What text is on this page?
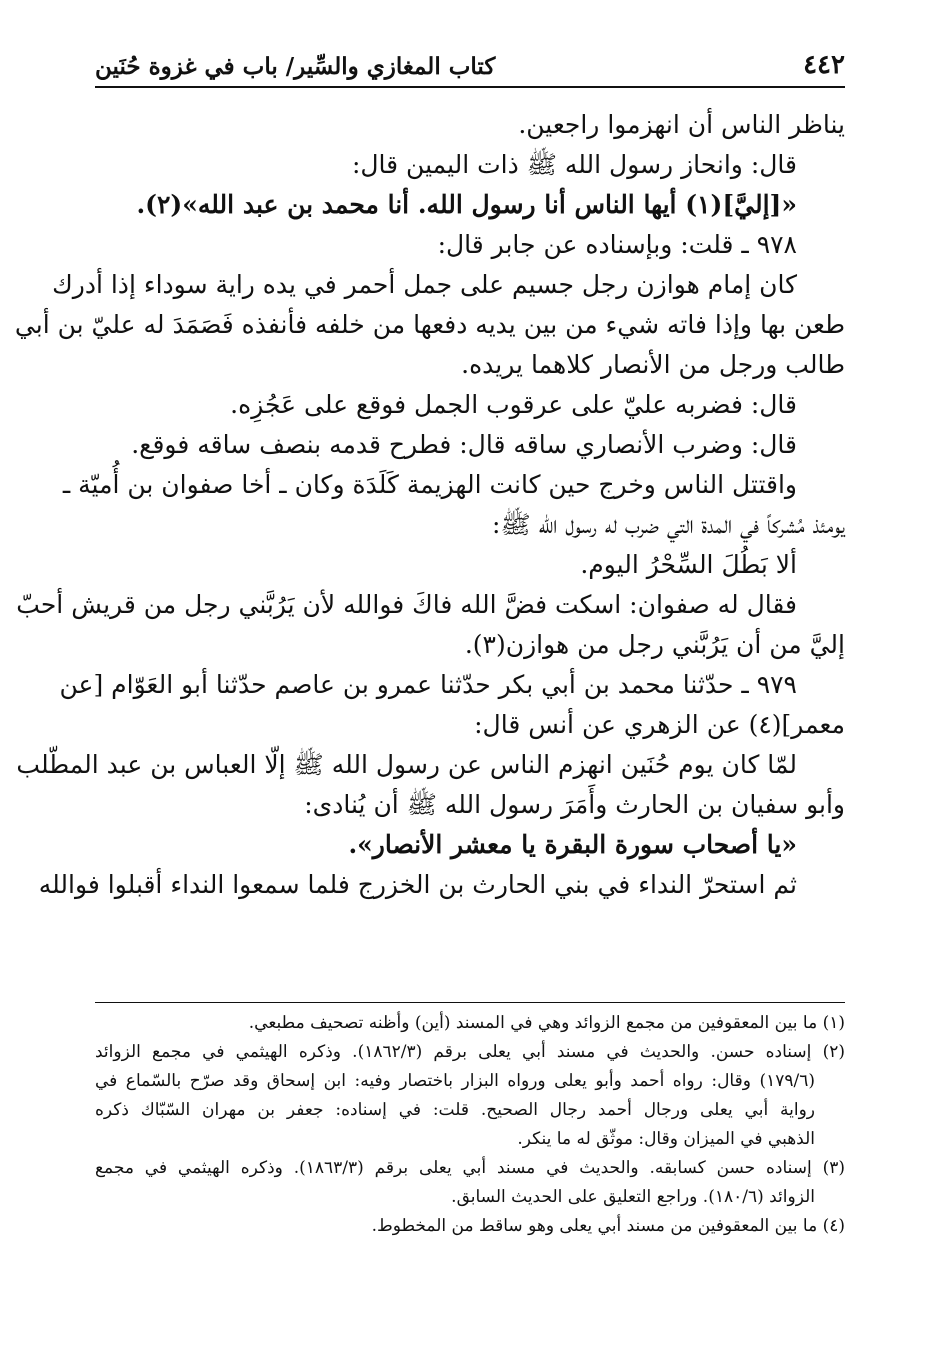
٤٤٢
كتاب المغازي والسِّير/ باب في غزوة حُنَين
يناظر الناس أن انهزموا راجعين.
قال: وانحاز رسول الله ﷺ ذات اليمين قال:
«[إليَّ](١) أيها الناس أنا رسول الله. أنا محمد بن عبد الله»(٢).
٩٧٨ ـ قلت: وبإسناده عن جابر قال:
كان إمام هوازن رجل جسيم على جمل أحمر في يده راية سوداء إذا أدرك
طعن بها وإذا فاته شيء من بين يديه دفعها من خلفه فأنفذه فَصَمَدَ له عليّ بن أبي
طالب ورجل من الأنصار كلاهما يريده.
قال: فضربه عليّ على عرقوب الجمل فوقع على عَجُزِه.
قال: وضرب الأنصاري ساقه قال: فطرح قدمه بنصف ساقه فوقع.
واقتتل الناس وخرج حين كانت الهزيمة كَلَدَة وكان ـ أخا صفوان بن أُميّة ـ
يومئذ مُشركاً في المدة التي ضرب له رسول الله ﷺ:
ألا بَطُلَ السِّحْرُ اليوم.
فقال له صفوان: اسكت فضَّ الله فاكَ فوالله لأن يَرُبَّني رجل من قريش أحبّ
إليَّ من أن يَرُبَّني رجل من هوازن(٣).
٩٧٩ ـ حدّثنا محمد بن أبي بكر حدّثنا عمرو بن عاصم حدّثنا أبو العَوّام [عن
معمر](٤) عن الزهري عن أنس قال:
لمّا كان يوم حُنَين انهزم الناس عن رسول الله ﷺ إلّا العباس بن عبد المطّلب
وأبو سفيان بن الحارث وأَمَرَ رسول الله ﷺ أن يُنادى:
«يا أصحاب سورة البقرة يا معشر الأنصار».
ثم استحرّ النداء في بني الحارث بن الخزرج فلما سمعوا النداء أقبلوا فوالله
(١) ما بين المعقوفين من مجمع الزوائد وهي في المسند (أين) وأظنه تصحيف مطبعي.
(٢) إسناده حسن. والحديث في مسند أبي يعلى برقم (١٨٦٢/٣). وذكره الهيثمي في مجمع الزوائد
(١٧٩/٦) وقال: رواه أحمد وأبو يعلى ورواه البزار باختصار وفيه: ابن إسحاق وقد صرّح بالسّماع في
رواية أبي يعلى ورجال أحمد رجال الصحيح. قلت: في إسناده: جعفر بن مهران السّبّاك ذكره
الذهبي في الميزان وقال: موثّق له ما ينكر.
(٣) إسناده حسن كسابقه. والحديث في مسند أبي يعلى برقم (١٨٦٣/٣). وذكره الهيثمي في مجمع
الزوائد (١٨٠/٦). وراجع التعليق على الحديث السابق.
(٤) ما بين المعقوفين من مسند أبي يعلى وهو ساقط من المخطوط.
